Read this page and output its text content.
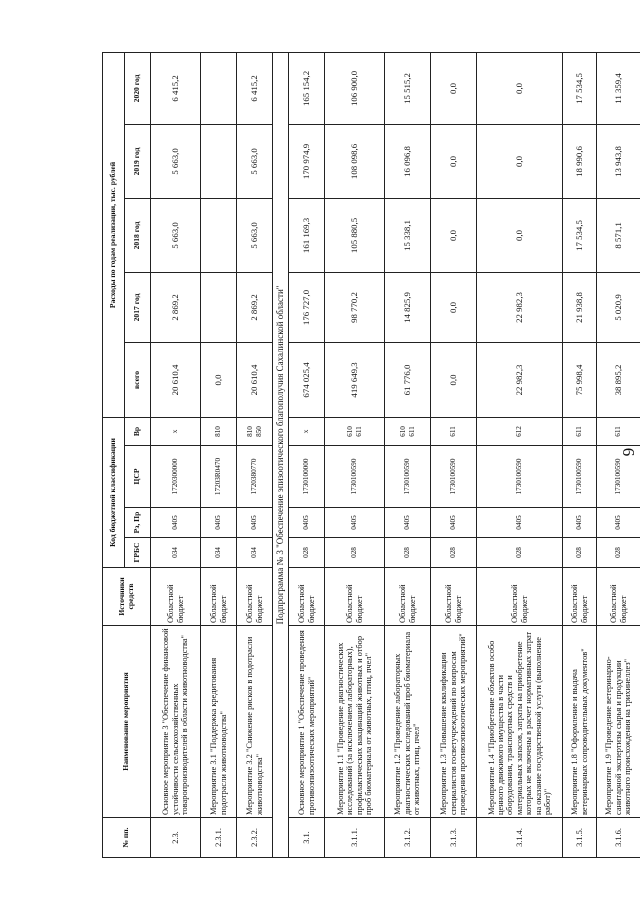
6
№ пп.	Наименование мероприятия	Источники средств	Код бюджетной классификации				Расходы по годам реализации, тыс. рублей				
			ГРБС	Рз, Пр	ЦСР	Вр	всего	2017 год	2018 год	2019 год	2020 год

2.3.	Основное мероприятие 3 "Обеспечение финансовой устойчивости сельскохозяйственных товаропроизводителей в области животноводства"	Областной бюджет	034	0405	1720300000	х	20 610,4	2 869,2	5 663,0	5 663,0	6 415,2
2.3.1.	Мероприятие 3.1 "Поддержка кредитования подотрасли животноводства"	Областной бюджет	034	0405	17203R0470	810	0,0				
2.3.2.	Мероприятие 3.2 "Снижение рисков в подотрасли животноводства"	Областной бюджет	034	0405	1720380770	810 850	20 610,4	2 869,2	5 663,0	5 663,0	6 415,2
Подпрограмма № 3 "Обеспечение эпизоотического благополучия Сахалинской области"											
3.1.	Основное мероприятие 1 "Обеспечение проведения противоэпизоотических мероприятий"	Областной бюджет	028	0405	1730100000	х	674 025,4	176 727,0	161 169,3	170 974,9	165 154,2
3.1.1.	Мероприятие 1.1 "Проведение диагностических исследований (за исключением лабораторных), профилактических вакцинаций животных и отбор проб биоматериала от животных, птиц, пчел"	Областной бюджет	028	0405	1730100590	610 611	419 649,3	98 770,2	105 880,5	108 098,6	106 900,0
3.1.2.	Мероприятие 1.2 "Проведение лабораторных диагностических исследований проб биоматериала от животных, птиц, пчел"	Областной бюджет	028	0405	1730100590	610 611	61 776,0	14 825,9	15 338,1	16 096,8	15 515,2
3.1.3.	Мероприятие 1.3 "Повышение квалификации специалистов госветучреждений по вопросам проведения противоэпизоотических мероприятий"	Областной бюджет	028	0405	1730100590	611	0,0	0,0	0,0	0,0	0,0
3.1.4.	Мероприятие 1.4 "Приобретение объектов особо ценного движимого имущества в части оборудования, транспортных средств и материальных запасов, затраты на приобретение которых не включены в расчет нормативных затрат на оказание государственной услуги (выполнение работ)"	Областной бюджет	028	0405	1730100590	612	22 982,3	22 982,3	0,0	0,0	0,0
3.1.5.	Мероприятие 1.8 "Оформление и выдача ветеринарных сопроводительных документов"	Областной бюджет	028	0405	1730100590	611	75 998,4	21 938,8	17 534,5	18 990,6	17 534,5
3.1.6.	Мероприятие 1.9 "Проведение ветеринарно-санитарной экспертизы сырья и продукции животного происхождения на трихинеллез"	Областной бюджет	028	0405	1730100590	611	38 895,2	5 020,9	8 571,1	13 943,8	11 359,4
